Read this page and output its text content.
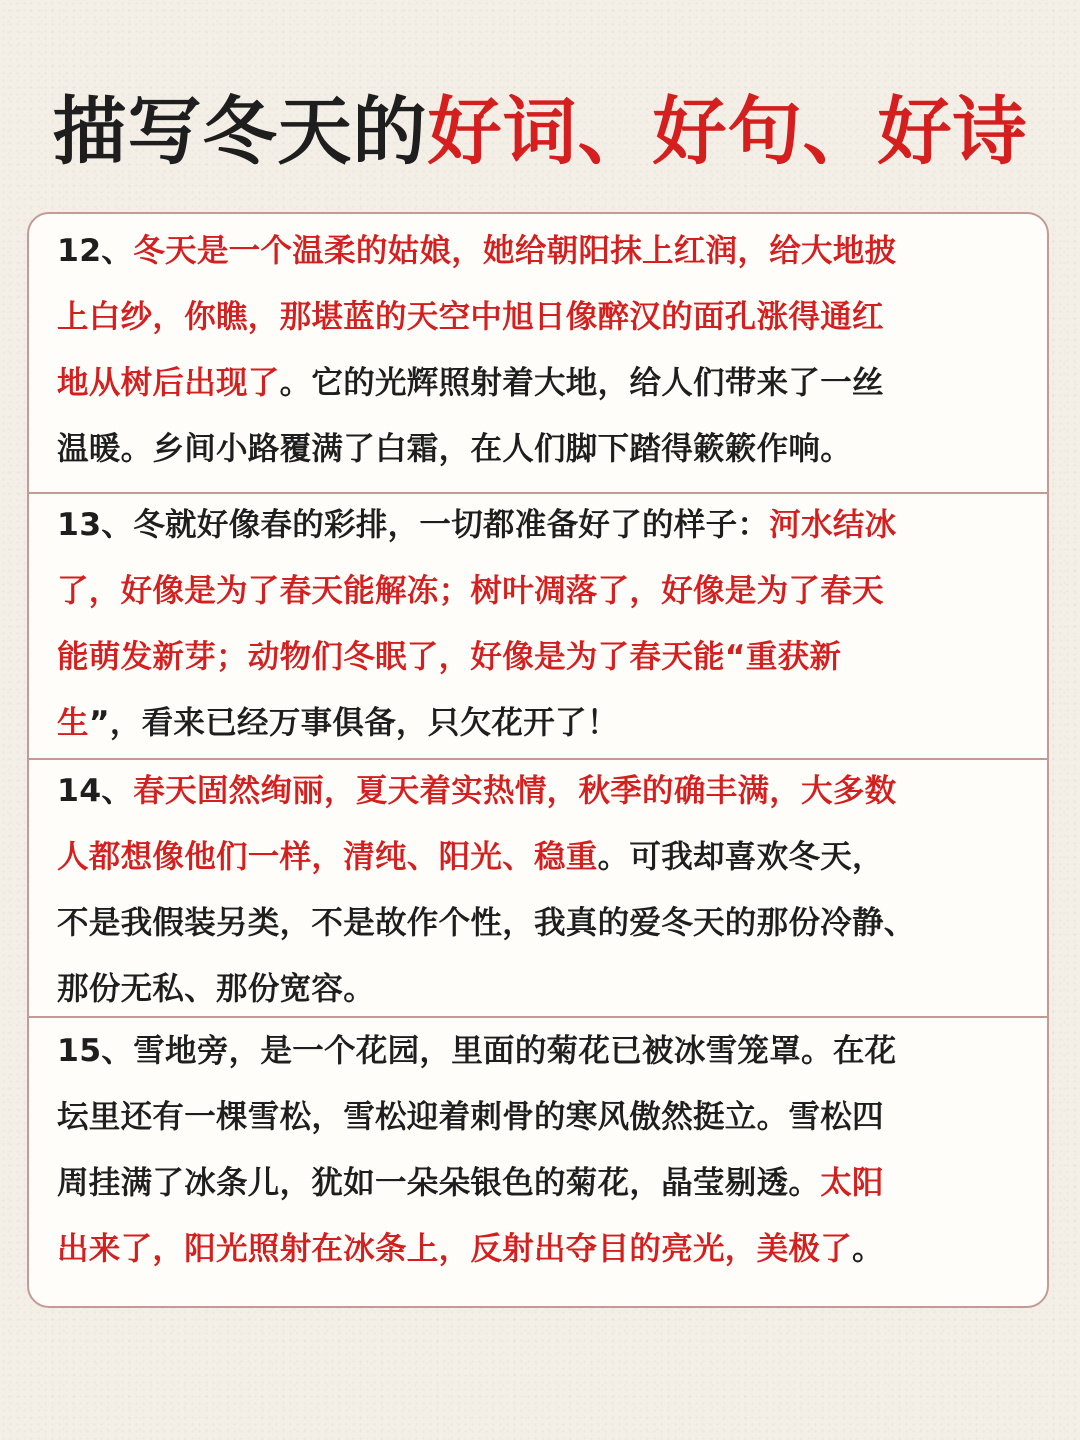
描写冬天的好词、好句、好诗
12、冬天是一个温柔的姑娘，她给朝阳抹上红润，给大地披
上白纱，你瞧，那堪蓝的天空中旭日像醉汉的面孔涨得通红
地从树后出现了。它的光辉照射着大地，给人们带来了一丝
温暖。乡间小路覆满了白霜，在人们脚下踏得簌簌作响。
13、冬就好像春的彩排，一切都准备好了的样子：河水结冰
了，好像是为了春天能解冻；树叶凋落了，好像是为了春天
能萌发新芽；动物们冬眠了，好像是为了春天能“重获新
生”，看来已经万事俱备，只欠花开了！
14、春天固然绚丽，夏天着实热情，秋季的确丰满，大多数
人都想像他们一样，清纯、阳光、稳重。可我却喜欢冬天，
不是我假装另类，不是故作个性，我真的爱冬天的那份冷静、
那份无私、那份宽容。
15、雪地旁，是一个花园，里面的菊花已被冰雪笼罩。在花
坛里还有一棵雪松，雪松迎着刺骨的寒风傲然挺立。雪松四
周挂满了冰条儿，犹如一朵朵银色的菊花，晶莹剔透。太阳
出来了，阳光照射在冰条上，反射出夺目的亮光，美极了。
